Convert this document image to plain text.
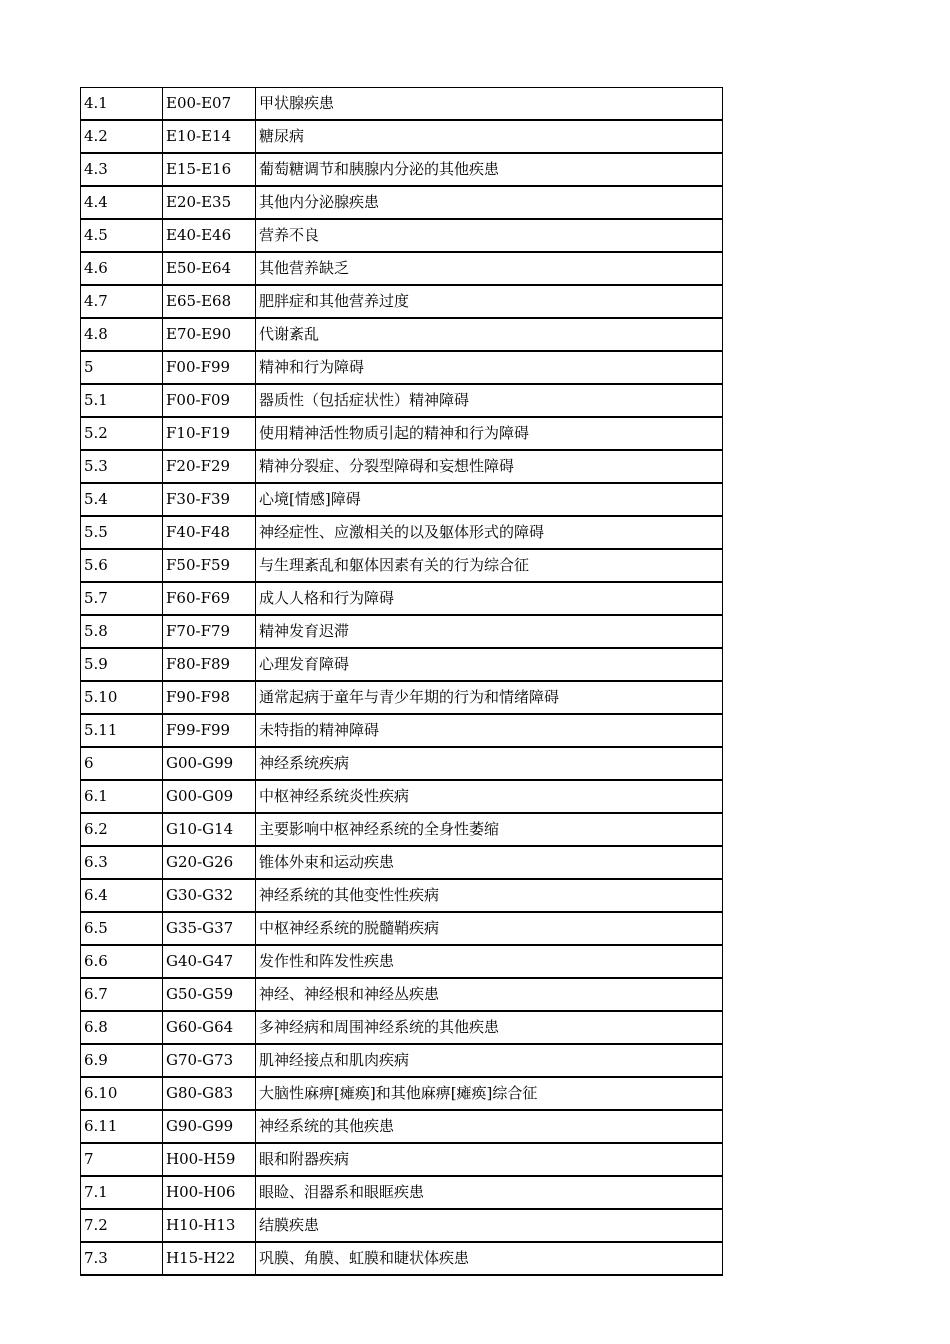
4.1	E00-E07	甲状腺疾患
4.2	E10-E14	糖尿病
4.3	E15-E16	葡萄糖调节和胰腺内分泌的其他疾患
4.4	E20-E35	其他内分泌腺疾患
4.5	E40-E46	营养不良
4.6	E50-E64	其他营养缺乏
4.7	E65-E68	肥胖症和其他营养过度
4.8	E70-E90	代谢紊乱
5	F00-F99	精神和行为障碍
5.1	F00-F09	器质性（包括症状性）精神障碍
5.2	F10-F19	使用精神活性物质引起的精神和行为障碍
5.3	F20-F29	精神分裂症、分裂型障碍和妄想性障碍
5.4	F30-F39	心境[情感]障碍
5.5	F40-F48	神经症性、应激相关的以及躯体形式的障碍
5.6	F50-F59	与生理紊乱和躯体因素有关的行为综合征
5.7	F60-F69	成人人格和行为障碍
5.8	F70-F79	精神发育迟滞
5.9	F80-F89	心理发育障碍
5.10	F90-F98	通常起病于童年与青少年期的行为和情绪障碍
5.11	F99-F99	未特指的精神障碍
6	G00-G99	神经系统疾病
6.1	G00-G09	中枢神经系统炎性疾病
6.2	G10-G14	主要影响中枢神经系统的全身性萎缩
6.3	G20-G26	锥体外束和运动疾患
6.4	G30-G32	神经系统的其他变性性疾病
6.5	G35-G37	中枢神经系统的脱髓鞘疾病
6.6	G40-G47	发作性和阵发性疾患
6.7	G50-G59	神经、神经根和神经丛疾患
6.8	G60-G64	多神经病和周围神经系统的其他疾患
6.9	G70-G73	肌神经接点和肌肉疾病
6.10	G80-G83	大脑性麻痹[瘫痪]和其他麻痹[瘫痪]综合征
6.11	G90-G99	神经系统的其他疾患
7	H00-H59	眼和附器疾病
7.1	H00-H06	眼睑、泪器系和眼眶疾患
7.2	H10-H13	结膜疾患
7.3	H15-H22	巩膜、角膜、虹膜和睫状体疾患
